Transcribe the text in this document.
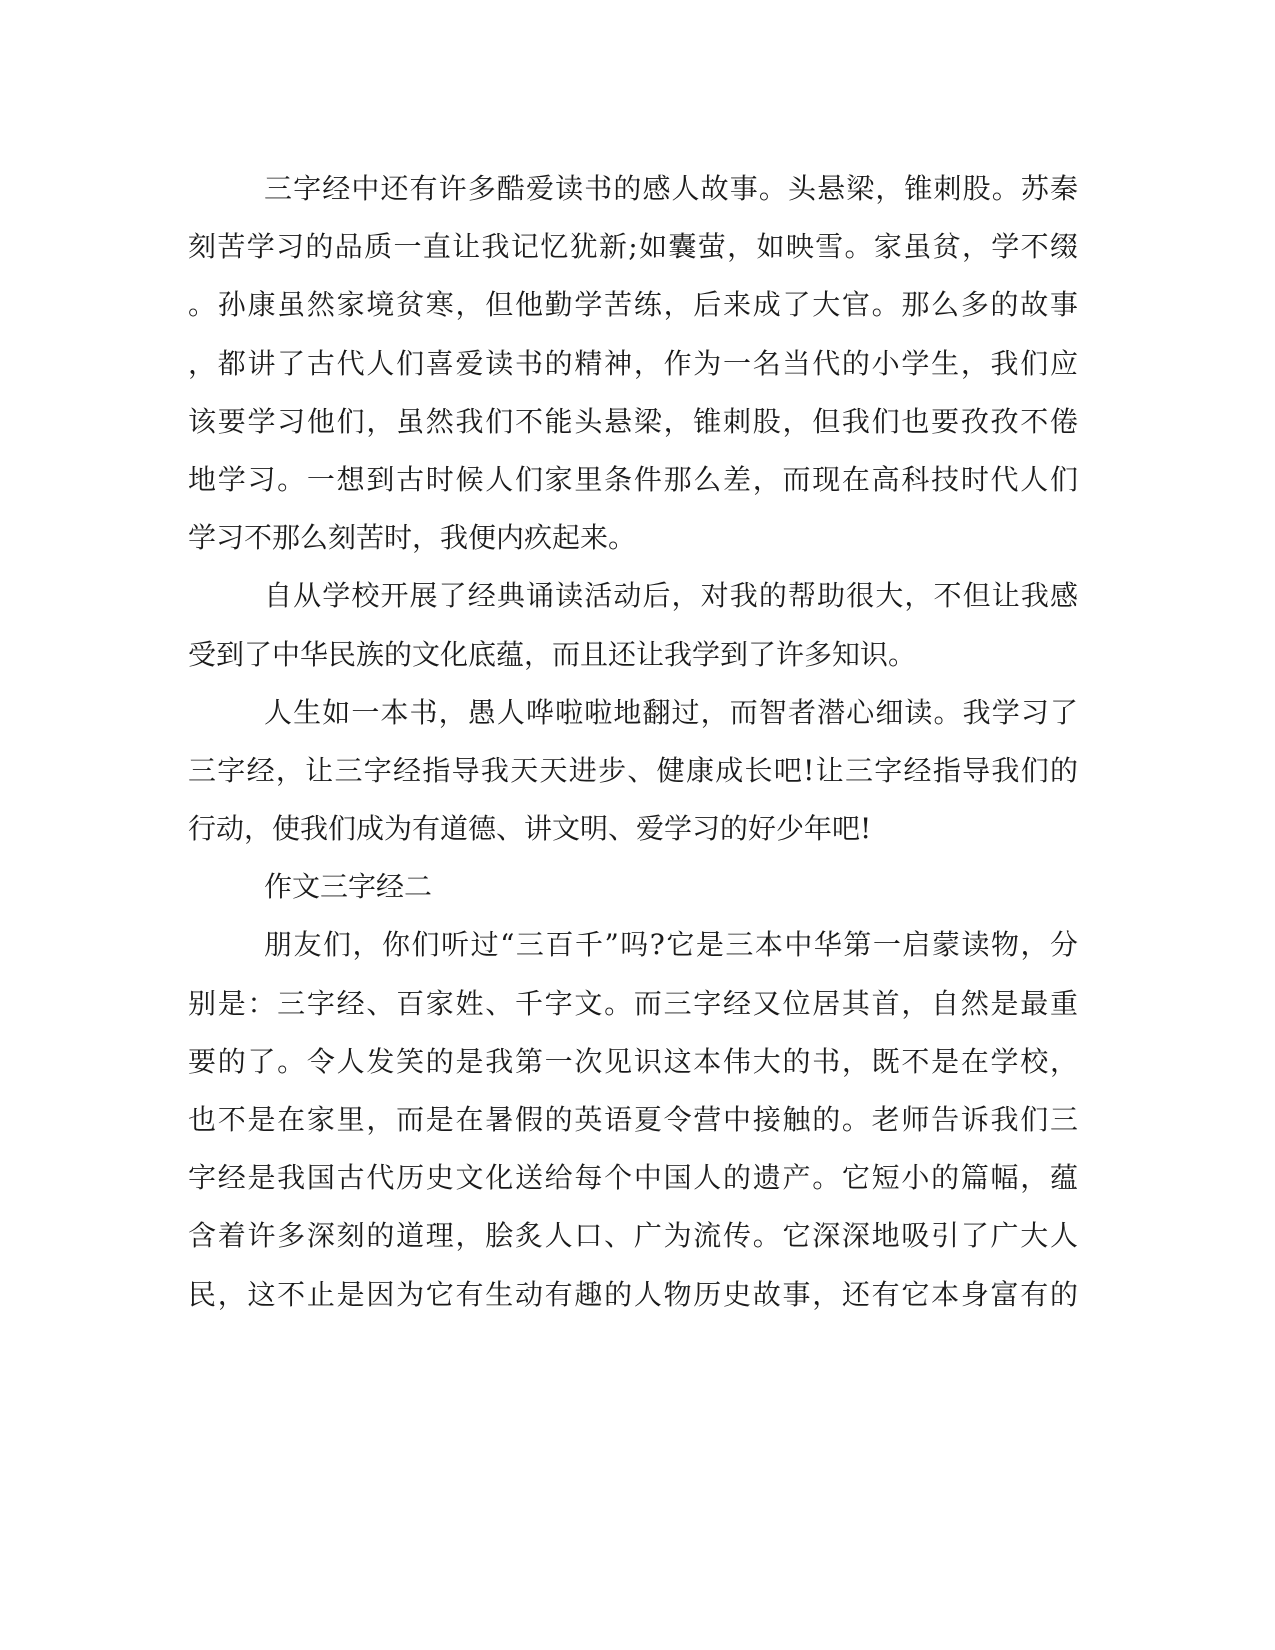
三字经中还有许多酷爱读书的感人故事。头悬梁，锥刺股。苏秦
刻苦学习的品质一直让我记忆犹新;如囊萤，如映雪。家虽贫，学不缀
。孙康虽然家境贫寒，但他勤学苦练，后来成了大官。那么多的故事
，都讲了古代人们喜爱读书的精神，作为一名当代的小学生，我们应
该要学习他们，虽然我们不能头悬梁，锥刺股，但我们也要孜孜不倦
地学习。一想到古时候人们家里条件那么差，而现在高科技时代人们
学习不那么刻苦时，我便内疚起来。
自从学校开展了经典诵读活动后，对我的帮助很大，不但让我感
受到了中华民族的文化底蕴，而且还让我学到了许多知识。
人生如一本书，愚人哗啦啦地翻过，而智者潜心细读。我学习了
三字经，让三字经指导我天天进步、健康成长吧!让三字经指导我们的
行动，使我们成为有道德、讲文明、爱学习的好少年吧!
作文三字经二
朋友们，你们听过“三百千”吗?它是三本中华第一启蒙读物，分
别是：三字经、百家姓、千字文。而三字经又位居其首，自然是最重
要的了。令人发笑的是我第一次见识这本伟大的书，既不是在学校，
也不是在家里，而是在暑假的英语夏令营中接触的。老师告诉我们三
字经是我国古代历史文化送给每个中国人的遗产。它短小的篇幅，蕴
含着许多深刻的道理，脍炙人口、广为流传。它深深地吸引了广大人
民，这不止是因为它有生动有趣的人物历史故事，还有它本身富有的
